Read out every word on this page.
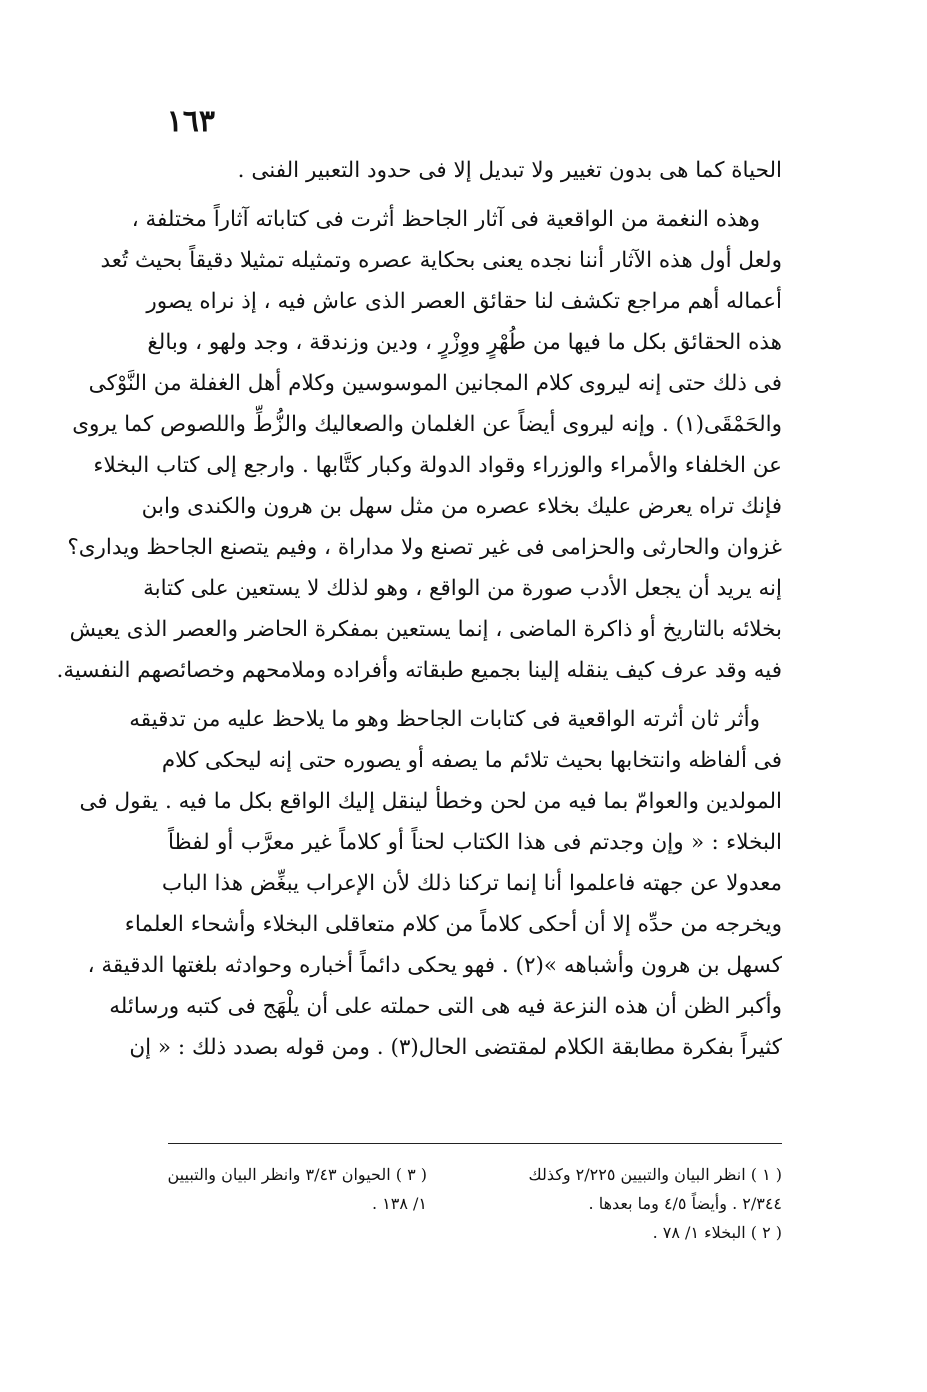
١٦٣
الحياة كما هى بدون تغيير ولا تبديل إلا فى حدود التعبير الفنى .
وهذه النغمة من الواقعية فى آثار الجاحظ أثرت فى كتاباته آثاراً مختلفة ،
ولعل أول هذه الآثار أننا نجده يعنى بحكاية عصره وتمثيله تمثيلا دقيقاً بحيث تُعد
أعماله أهم مراجع تكشف لنا حقائق العصر الذى عاش فيه ، إذ نراه يصور
هذه الحقائق بكل ما فيها من طُهْرٍ ووِزْرٍ ، ودين وزندقة ، وجد ولهو ، وبالغ
فى ذلك حتى إنه ليروى كلام المجانين الموسوسين وكلام أهل الغفلة من النَّوْكى
والحَمْقَى(١) . وإنه ليروى أيضاً عن الغلمان والصعاليك والزُّطِّ واللصوص كما يروى
عن الخلفاء والأمراء والوزراء وقواد الدولة وكبار كتَّابها . وارجع إلى كتاب البخلاء
فإنك تراه يعرض عليك بخلاء عصره من مثل سهل بن هرون والكندى وابن
غزوان والحارثى والحزامى فى غير تصنع ولا مداراة ، وفيم يتصنع الجاحظ ويدارى؟
إنه يريد أن يجعل الأدب صورة من الواقع ، وهو لذلك لا يستعين على كتابة
بخلائه بالتاريخ أو ذاكرة الماضى ، إنما يستعين بمفكرة الحاضر والعصر الذى يعيش
فيه وقد عرف كيف ينقله إلينا بجميع طبقاته وأفراده وملامحهم وخصائصهم النفسية.
وأثر ثان أثرته الواقعية فى كتابات الجاحظ وهو ما يلاحظ عليه من تدقيقه
فى ألفاظه وانتخابها بحيث تلائم ما يصفه أو يصوره حتى إنه ليحكى كلام
المولدين والعوامّ بما فيه من لحن وخطأ لينقل إليك الواقع بكل ما فيه . يقول فى
البخلاء : « وإن وجدتم فى هذا الكتاب لحناً أو كلاماً غير معرَّب أو لفظاً
معدولا عن جهته فاعلموا أنا إنما تركنا ذلك لأن الإعراب يبغِّض هذا الباب
ويخرجه من حدِّه إلا أن أحكى كلاماً من كلام متعاقلى البخلاء وأشحاء العلماء
كسهل بن هرون وأشباهه »(٢) . فهو يحكى دائماً أخباره وحوادثه بلغتها الدقيقة ،
وأكبر الظن أن هذه النزعة فيه هى التى حملته على أن يلْهَج فى كتبه ورسائله
كثيراً بفكرة مطابقة الكلام لمقتضى الحال(٣) . ومن قوله بصدد ذلك : « إن
( ١ ) انظر البيان والتبيين ٢/٢٢٥ وكذلك
٢/٣٤٤ . وأيضاً ٤/٥ وما بعدها .
( ٢ ) البخلاء ١/ ٧٨ .
( ٣ ) الحيوان ٣/٤٣ وانظر البيان والتبيين
١/ ١٣٨ .
